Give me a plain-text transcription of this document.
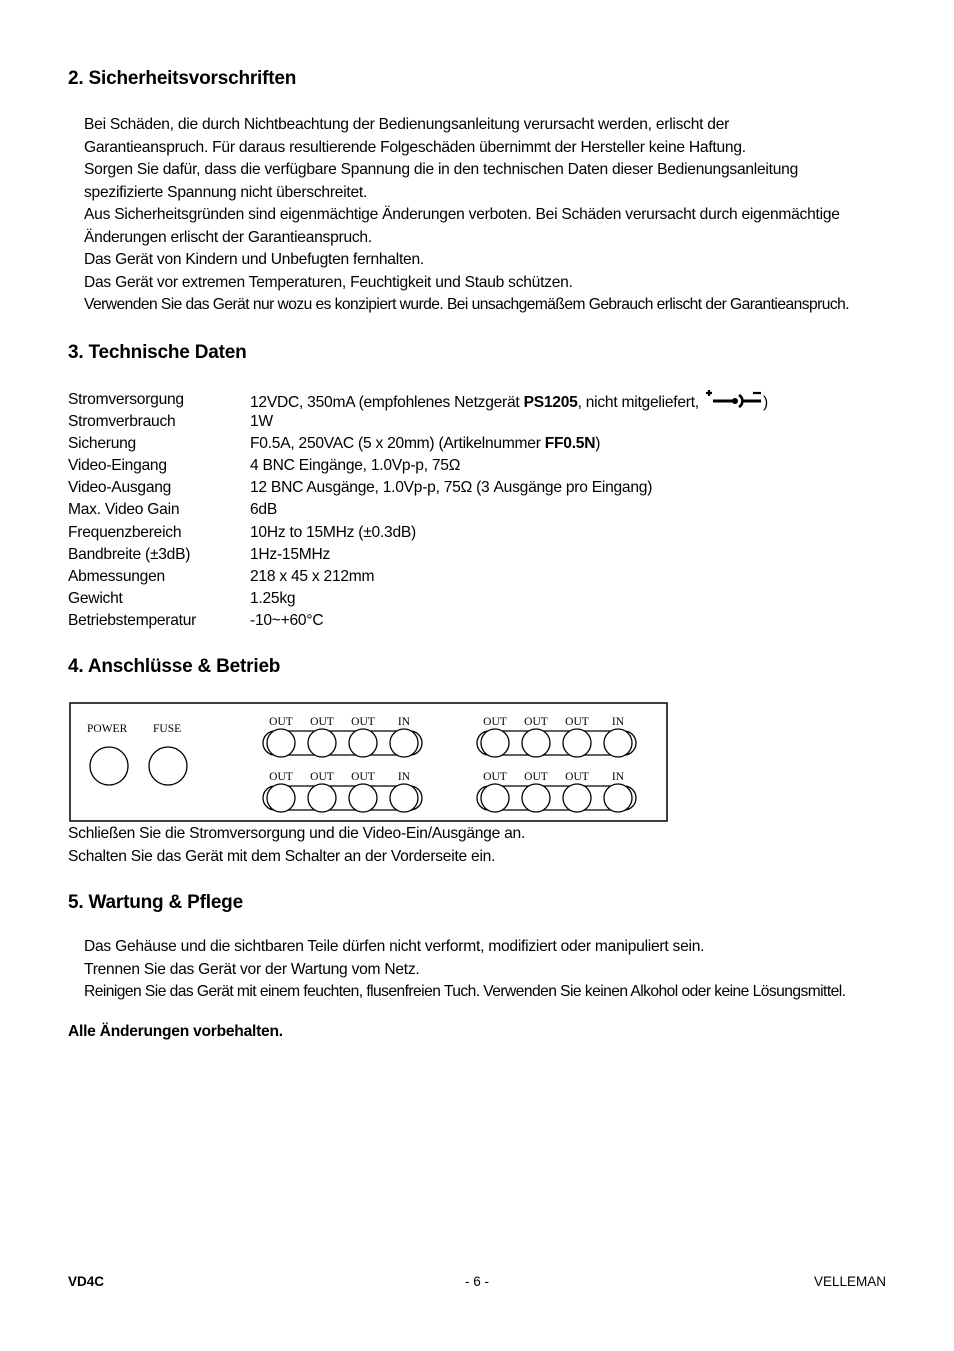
2. Sicherheitsvorschriften
Bei Schäden, die durch Nichtbeachtung der Bedienungsanleitung verursacht werden, erlischt der
Garantieanspruch. Für daraus resultierende Folgeschäden übernimmt der Hersteller keine Haftung.
Sorgen Sie dafür, dass die verfügbare Spannung die in den technischen Daten dieser Bedienungsanleitung
spezifizierte Spannung nicht überschreitet.
Aus Sicherheitsgründen sind eigenmächtige Änderungen verboten. Bei Schäden verursacht durch eigenmächtige
Änderungen erlischt der Garantieanspruch.
Das Gerät von Kindern und Unbefugten fernhalten.
Das Gerät vor extremen Temperaturen, Feuchtigkeit und Staub schützen.
Verwenden Sie das Gerät nur wozu es konzipiert wurde. Bei unsachgemäßem Gebrauch erlischt der Garantieanspruch.
3. Technische Daten
Stromversorgung	12VDC, 350mA (empfohlenes Netzgerät PS1205, nicht mitgeliefert,	)
Stromverbrauch	1W
Sicherung	F0.5A, 250VAC (5 x 20mm) (Artikelnummer FF0.5N)
Video-Eingang	4 BNC Eingänge, 1.0Vp-p, 75Ω
Video-Ausgang	12 BNC Ausgänge, 1.0Vp-p, 75Ω (3 Ausgänge pro Eingang)
Max. Video Gain	6dB
Frequenzbereich	10Hz to 15MHz (±0.3dB)
Bandbreite (±3dB)	1Hz-15MHz
Abmessungen	218 x 45 x 212mm
Gewicht	1.25kg
Betriebstemperatur	-10~+60°C
4. Anschlüsse & Betrieb
POWER FUSE
OUT OUT OUT IN
OUT OUT OUT IN
OUT OUT OUT IN
OUT OUT OUT IN
Schließen Sie die Stromversorgung und die Video-Ein/Ausgänge an.
Schalten Sie das Gerät mit dem Schalter an der Vorderseite ein.
5. Wartung & Pflege
Das Gehäuse und die sichtbaren Teile dürfen nicht verformt, modifiziert oder manipuliert sein.
Trennen Sie das Gerät vor der Wartung vom Netz.
Reinigen Sie das Gerät mit einem feuchten, flusenfreien Tuch. Verwenden Sie keinen Alkohol oder keine Lösungsmittel.
Alle Änderungen vorbehalten.
VD4C	- 6 -	VELLEMAN
